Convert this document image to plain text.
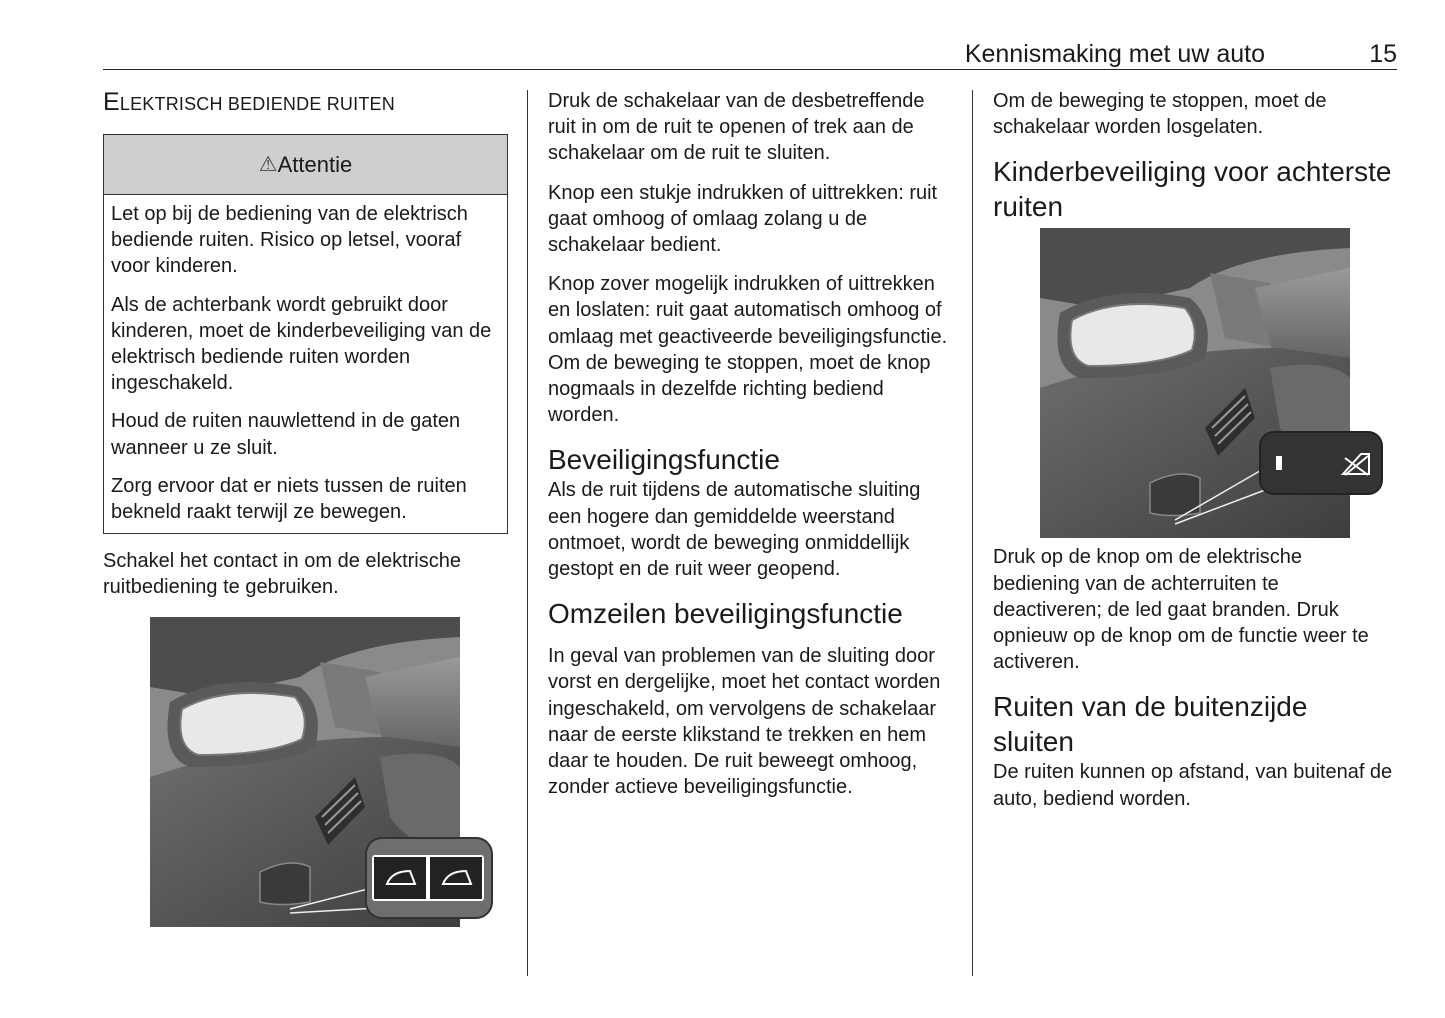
Kennismaking met uw auto	15
ELEKTRISCH BEDIENDE RUITEN
⚠ Attentie

Let op bij de bediening van de elektrisch bediende ruiten. Risico op letsel, vooraf voor kinderen.

Als de achterbank wordt gebruikt door kinderen, moet de kinderbeveiliging van de elektrisch bediende ruiten worden ingeschakeld.

Houd de ruiten nauwlettend in de gaten wanneer u ze sluit.

Zorg ervoor dat er niets tussen de ruiten bekneld raakt terwijl ze bewegen.

Schakel het contact in om de elektrische ruitbediening te gebruiken.

Druk de schakelaar van de desbetreffende ruit in om de ruit te openen of trek aan de schakelaar om de ruit te sluiten.

Knop een stukje indrukken of uittrekken: ruit gaat omhoog of omlaag zolang u de schakelaar bedient.

Knop zover mogelijk indrukken of uittrekken en loslaten: ruit gaat automatisch omhoog of omlaag met geactiveerde beveiligingsfunctie. Om de beweging te stoppen, moet de knop nogmaals in dezelfde richting bediend worden.

Beveiligingsfunctie

Als de ruit tijdens de automatische sluiting een hogere dan gemiddelde weerstand ontmoet, wordt de beweging onmiddellijk gestopt en de ruit weer geopend.

Omzeilen beveiligingsfunctie

In geval van problemen van de sluiting door vorst en dergelijke, moet het contact worden ingeschakeld, om vervolgens de schakelaar naar de eerste klikstand te trekken en hem daar te houden. De ruit beweegt omhoog, zonder actieve beveiligingsfunctie.

Om de beweging te stoppen, moet de schakelaar worden losgelaten.

Kinderbeveiliging voor achterste ruiten

Druk op de knop om de elektrische bediening van de achterruiten te deactiveren; de led gaat branden. Druk opnieuw op de knop om de functie weer te activeren.

Ruiten van de buitenzijde sluiten

De ruiten kunnen op afstand, van buitenaf de auto, bediend worden.
